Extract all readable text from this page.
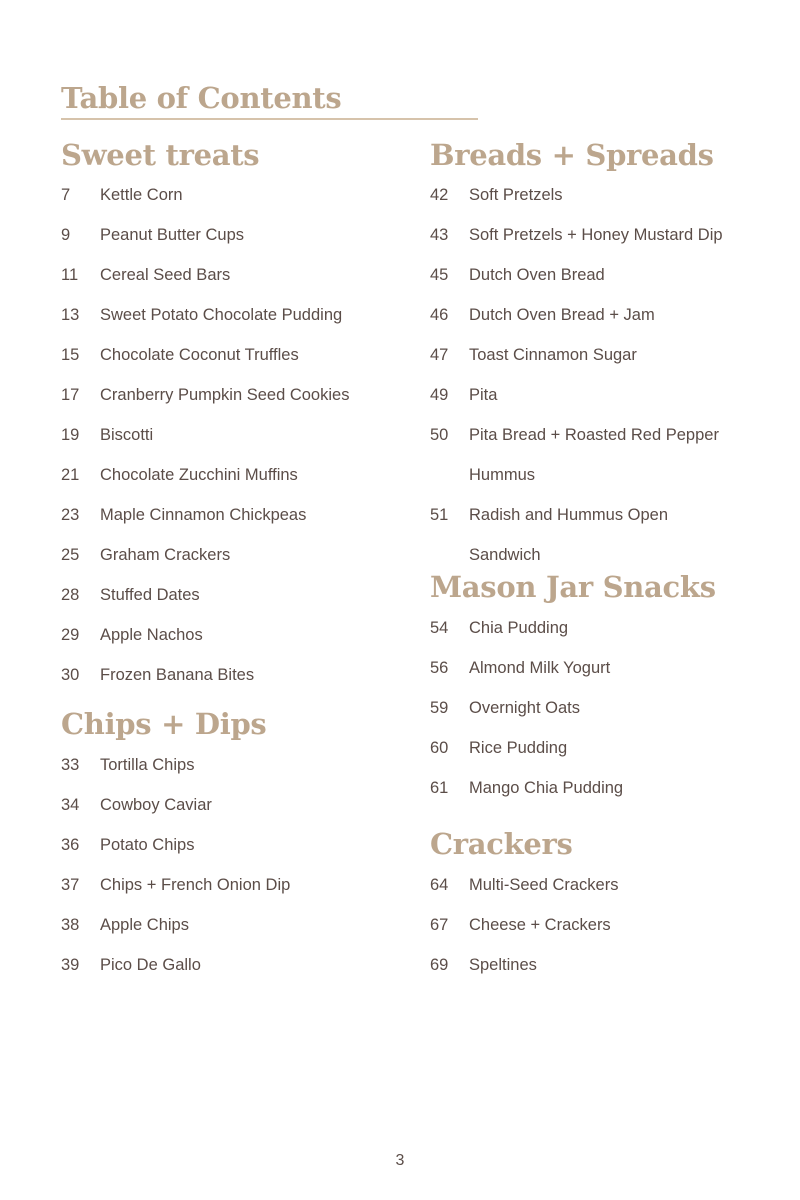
Table of Contents
Sweet treats
7	Kettle Corn
9	Peanut Butter Cups
11	Cereal Seed Bars
13	Sweet Potato Chocolate Pudding
15	Chocolate Coconut Truffles
17	Cranberry Pumpkin Seed Cookies
19	Biscotti
21	Chocolate Zucchini Muffins
23	Maple Cinnamon Chickpeas
25	Graham Crackers
28	Stuffed Dates
29	Apple Nachos
30	Frozen Banana Bites
Chips + Dips
33	Tortilla Chips
34	Cowboy Caviar
36	Potato Chips
37	Chips + French Onion Dip
38	Apple Chips
39	Pico De Gallo
Breads + Spreads
42	Soft Pretzels
43	Soft Pretzels + Honey Mustard Dip
45	Dutch Oven Bread
46	Dutch Oven Bread + Jam
47	Toast Cinnamon Sugar
49	Pita
50	Pita Bread + Roasted Red Pepper
Hummus
51	Radish and Hummus Open
Sandwich
Mason Jar Snacks
54	Chia Pudding
56	Almond Milk Yogurt
59	Overnight Oats
60	Rice Pudding
61	Mango Chia Pudding
Crackers
64	Multi-Seed Crackers
67	Cheese + Crackers
69	Speltines
3
